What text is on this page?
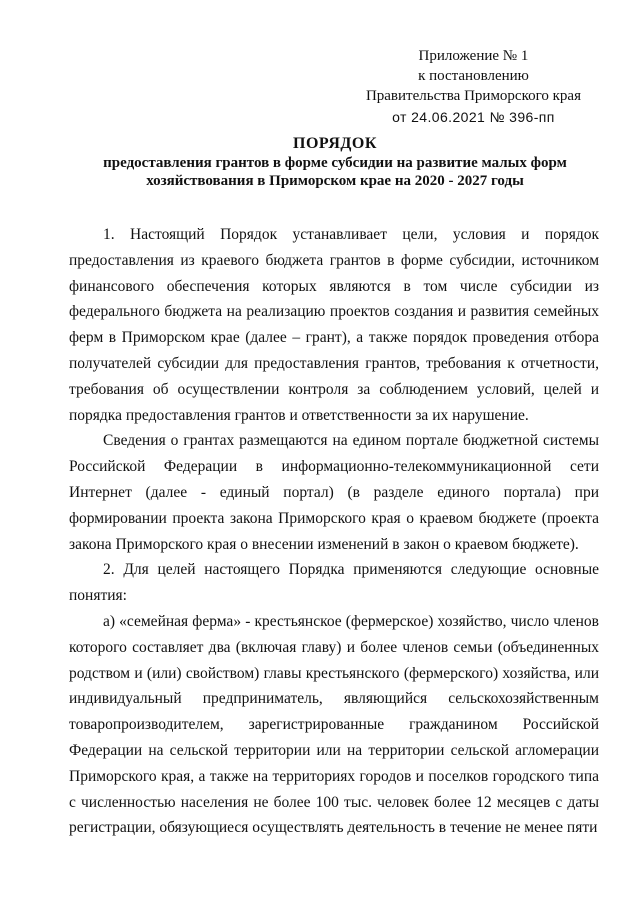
Приложение № 1
к постановлению
Правительства Приморского края
от 24.06.2021 № 396-пп
ПОРЯДОК
предоставления грантов в форме субсидии на развитие малых форм
хозяйствования в Приморском крае на 2020 - 2027 годы

1. Настоящий Порядок устанавливает цели, условия и порядок предоставления из краевого бюджета грантов в форме субсидии, источником финансового обеспечения которых являются в том числе субсидии из федерального бюджета на реализацию проектов создания и развития семейных ферм в Приморском крае (далее – грант), а также порядок проведения отбора получателей субсидии для предоставления грантов, требования к отчетности, требования об осуществлении контроля за соблюдением условий, целей и порядка предоставления грантов и ответственности за их нарушение.

Сведения о грантах размещаются на едином портале бюджетной системы Российской Федерации в информационно-телекоммуникационной сети Интернет (далее - единый портал) (в разделе единого портала) при формировании проекта закона Приморского края о краевом бюджете (проекта закона Приморского края о внесении изменений в закон о краевом бюджете).

2. Для целей настоящего Порядка применяются следующие основные понятия:

а) «семейная ферма» - крестьянское (фермерское) хозяйство, число членов которого составляет два (включая главу) и более членов семьи (объединенных родством и (или) свойством) главы крестьянского (фермерского) хозяйства, или индивидуальный предприниматель, являющийся сельскохозяйственным товаропроизводителем, зарегистрированные гражданином Российской Федерации на сельской территории или на территории сельской агломерации Приморского края, а также на территориях городов и поселков городского типа с численностью населения не более 100 тыс. человек более 12 месяцев с даты регистрации, обязующиеся осуществлять деятельность в течение не менее пяти
